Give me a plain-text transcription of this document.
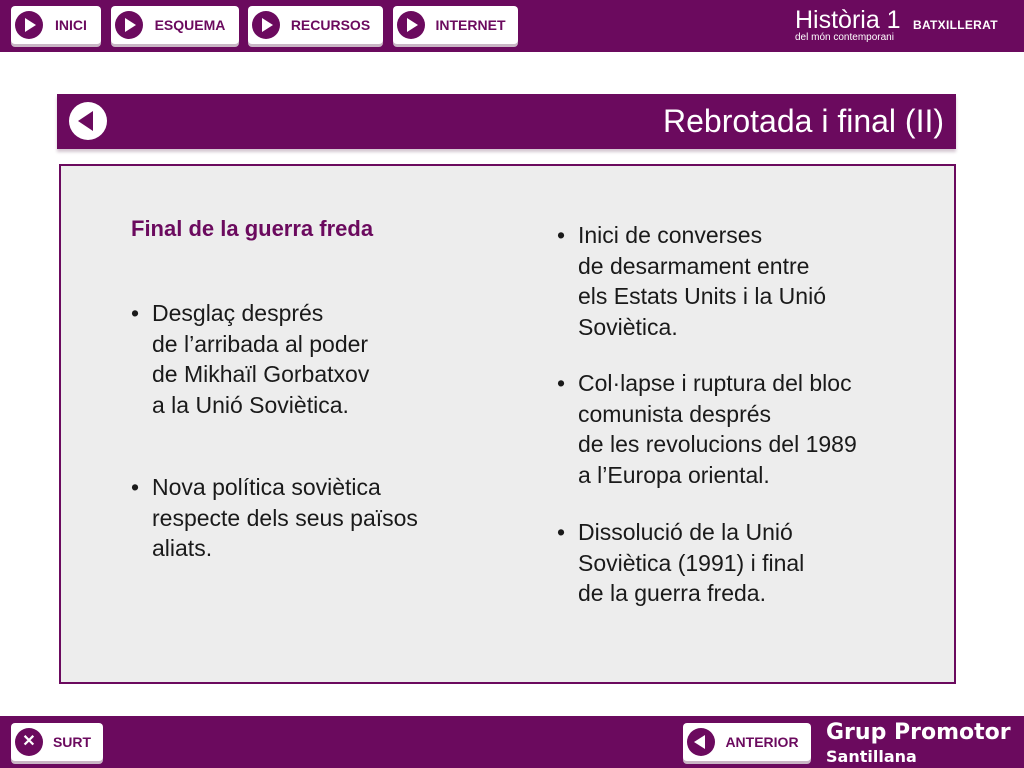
INICI	ESQUEMA	RECURSOS	INTERNET	Història 1 BATXILLERAT
del món contemporani
Rebrotada i final (II)
Final de la guerra freda
• Desglaç després
de l’arribada al poder
de Mikhaïl Gorbatxov
a la Unió Soviètica.
• Nova política soviètica
respecte dels seus països
aliats.
• Inici de converses
de desarmament entre
els Estats Units i la Unió
Soviètica.
• Col·lapse i ruptura del bloc
comunista després
de les revolucions del 1989
a l’Europa oriental.
• Dissolució de la Unió
Soviètica (1991) i final
de la guerra freda.
✕	SURT	ANTERIOR Grup Promotor
Santillana
